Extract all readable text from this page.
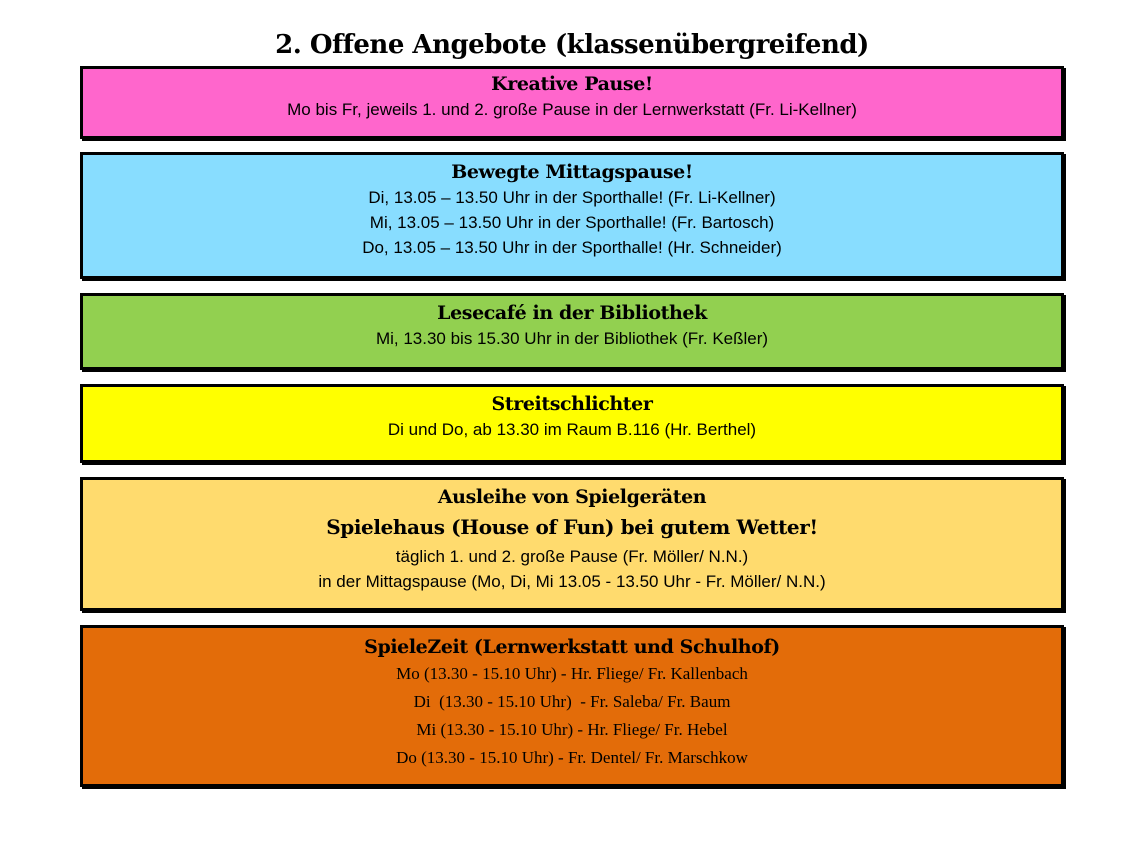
2. Offene Angebote (klassenübergreifend)
Kreative Pause!
Mo bis Fr, jeweils 1. und 2. große Pause in der Lernwerkstatt (Fr. Li-Kellner)
Bewegte Mittagspause!
Di, 13.05 – 13.50 Uhr in der Sporthalle! (Fr. Li-Kellner)
Mi, 13.05 – 13.50 Uhr in der Sporthalle! (Fr. Bartosch)
Do, 13.05 – 13.50 Uhr in der Sporthalle! (Hr. Schneider)
Lesecafé in der Bibliothek
Mi, 13.30 bis 15.30 Uhr in der Bibliothek (Fr. Keßler)
Streitschlichter
Di und Do, ab 13.30 im Raum B.116 (Hr. Berthel)
Ausleihe von Spielgeräten
Spielehaus (House of Fun) bei gutem Wetter!
täglich 1. und 2. große Pause (Fr. Möller/ N.N.)
in der Mittagspause (Mo, Di, Mi 13.05 - 13.50 Uhr - Fr. Möller/ N.N.)
SpieleZeit (Lernwerkstatt und Schulhof)
Mo (13.30 - 15.10 Uhr) - Hr. Fliege/ Fr. Kallenbach
Di  (13.30 - 15.10 Uhr)  - Fr. Saleba/ Fr. Baum
Mi (13.30 - 15.10 Uhr) - Hr. Fliege/ Fr. Hebel
Do (13.30 - 15.10 Uhr) - Fr. Dentel/ Fr. Marschkow
